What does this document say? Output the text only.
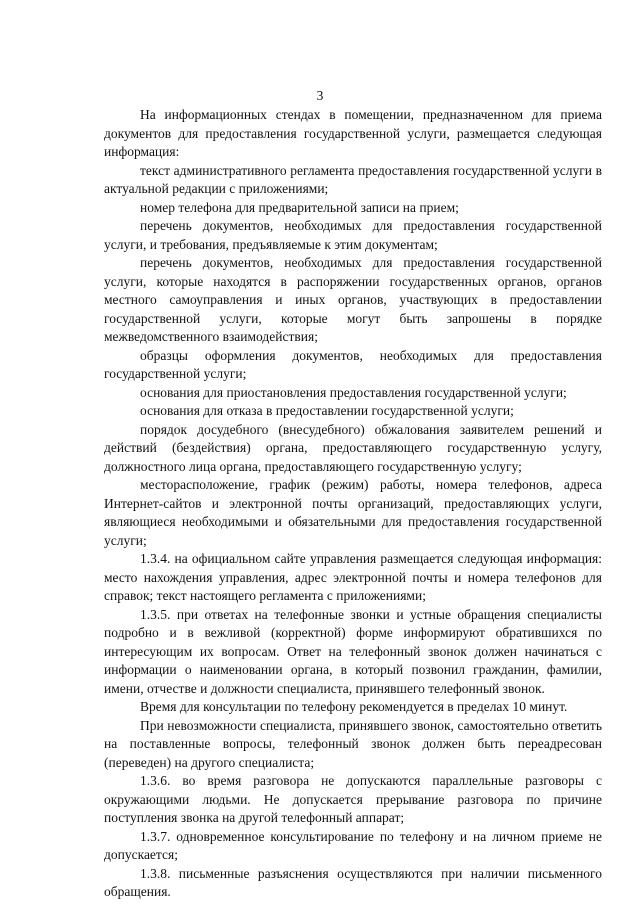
3

На информационных стендах в помещении, предназначенном для приема документов для предоставления государственной услуги, размещается следующая информация:

текст административного регламента предоставления государственной услуги в актуальной редакции с приложениями;

номер телефона для предварительной записи на прием;

перечень документов, необходимых для предоставления государственной услуги, и требования, предъявляемые к этим документам;

перечень документов, необходимых для предоставления государственной услуги, которые находятся в распоряжении государственных органов, органов местного самоуправления и иных органов, участвующих в предоставлении государственной услуги, которые могут быть запрошены в порядке межведомственного взаимодействия;

образцы оформления документов, необходимых для предоставления государственной услуги;

основания для приостановления предоставления государственной услуги;

основания для отказа в предоставлении государственной услуги;

порядок досудебного (внесудебного) обжалования заявителем решений и действий (бездействия) органа, предоставляющего государственную услугу, должностного лица органа, предоставляющего государственную услугу;

месторасположение, график (режим) работы, номера телефонов, адреса Интернет-сайтов и электронной почты организаций, предоставляющих услуги, являющиеся необходимыми и обязательными для предоставления государственной услуги;

1.3.4. на официальном сайте управления размещается следующая информация: место нахождения управления, адрес электронной почты и номера телефонов для справок; текст настоящего регламента с приложениями;

1.3.5. при ответах на телефонные звонки и устные обращения специалисты подробно и в вежливой (корректной) форме информируют обратившихся по интересующим их вопросам. Ответ на телефонный звонок должен начинаться с информации о наименовании органа, в который позвонил гражданин, фамилии, имени, отчестве и должности специалиста, принявшего телефонный звонок.

Время для консультации по телефону рекомендуется в пределах 10 минут.

При невозможности специалиста, принявшего звонок, самостоятельно ответить на поставленные вопросы, телефонный звонок должен быть переадресован (переведен) на другого специалиста;

1.3.6. во время разговора не допускаются параллельные разговоры с окружающими людьми. Не допускается прерывание разговора по причине поступления звонка на другой телефонный аппарат;

1.3.7. одновременное консультирование по телефону и на личном приеме не допускается;

1.3.8. письменные разъяснения осуществляются при наличии письменного обращения.
